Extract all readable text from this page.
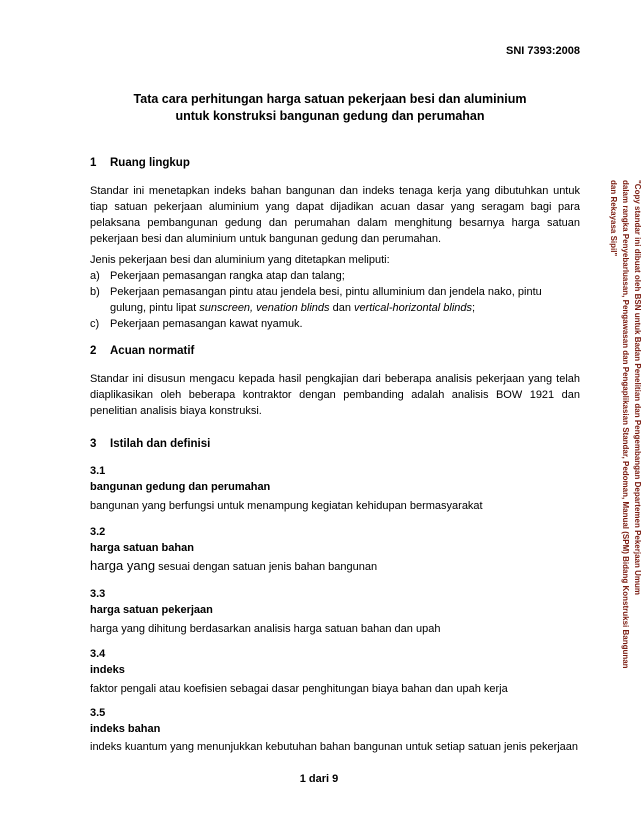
SNI 7393:2008
Tata cara perhitungan harga satuan pekerjaan besi dan aluminium
untuk konstruksi bangunan gedung dan perumahan
"Copy standar ini dibuat oleh BSN untuk Badan Penelitian dan Pengembangan Departemen Pekerjaan Umum
dalam rangka Penyebarluasan, Pengawasan dan Pengaplikasian Standar, Pedoman, Manual (SPM) Bidang Konstruksi Bangunan dan Rekayasa Sipil"
1 Ruang lingkup
Standar ini menetapkan indeks bahan bangunan dan indeks tenaga kerja yang dibutuhkan untuk tiap satuan pekerjaan aluminium yang dapat dijadikan acuan dasar yang seragam bagi para pelaksana pembangunan gedung dan perumahan dalam menghitung besarnya harga satuan pekerjaan besi dan aluminium untuk bangunan gedung dan perumahan.
Jenis pekerjaan besi dan aluminium yang ditetapkan meliputi:
a) Pekerjaan pemasangan rangka atap dan talang;
b) Pekerjaan pemasangan pintu atau jendela besi, pintu alluminium dan jendela nako, pintu
gulung, pintu lipat sunscreen, venation blinds dan vertical-horizontal blinds;
c) Pekerjaan pemasangan kawat nyamuk.
2 Acuan normatif
Standar ini disusun mengacu kepada hasil pengkajian dari beberapa analisis pekerjaan yang telah diaplikasikan oleh beberapa kontraktor dengan pembanding adalah analisis BOW 1921 dan penelitian analisis biaya konstruksi.
3 Istilah dan definisi
3.1
bangunan gedung dan perumahan
bangunan yang berfungsi untuk menampung kegiatan kehidupan bermasyarakat
3.2
harga satuan bahan
harga yang sesuai dengan satuan jenis bahan bangunan
3.3
harga satuan pekerjaan
harga yang dihitung berdasarkan analisis harga satuan bahan dan upah
3.4
indeks
faktor pengali atau koefisien sebagai dasar penghitungan biaya bahan dan upah kerja
3.5
indeks bahan
indeks kuantum yang menunjukkan kebutuhan bahan bangunan untuk setiap satuan jenis pekerjaan
1 dari 9
